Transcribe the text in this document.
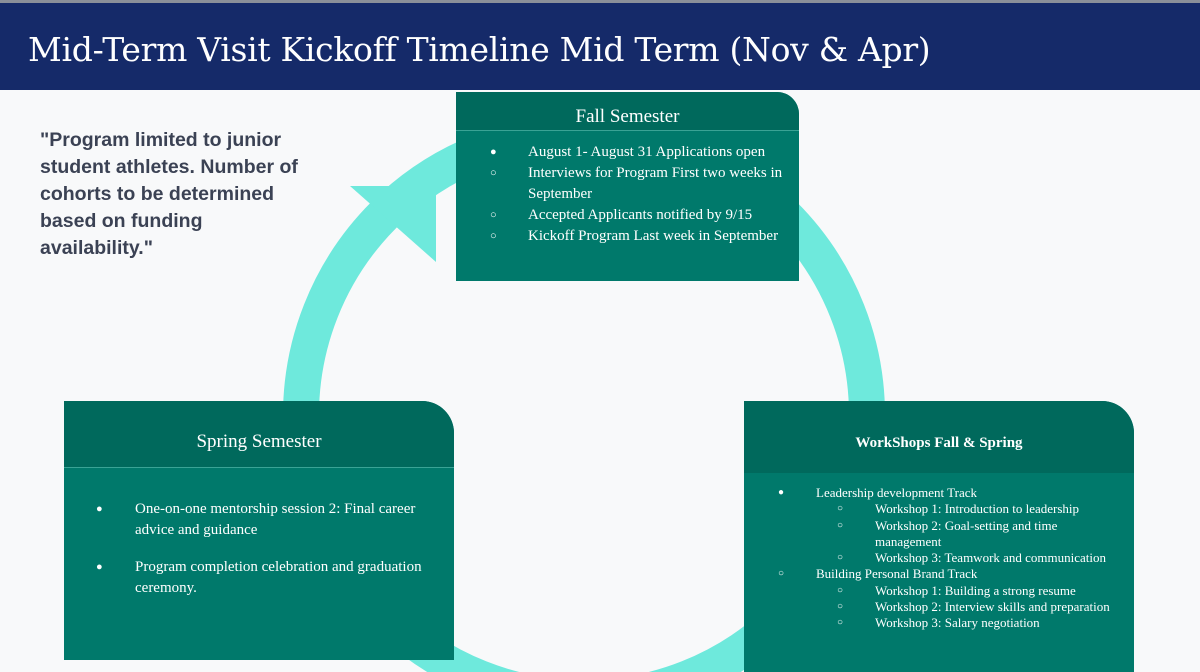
Mid-Term Visit Kickoff Timeline Mid Term (Nov & Apr)
"Program limited to junior student athletes. Number of cohorts to be determined based on funding availability."
Fall Semester
● August 1- August 31 Applications open
○ Interviews for Program First two weeks in September
○ Accepted Applicants notified by 9/15
○ Kickoff Program Last week in September
Spring Semester
● One-on-one mentorship session 2: Final career advice and guidance
● Program completion celebration and graduation ceremony.
WorkShops Fall & Spring
● Leadership development Track
○ Workshop 1: Introduction to leadership
○ Workshop 2: Goal-setting and time management
○ Workshop 3: Teamwork and communication
○ Building Personal Brand Track
○ Workshop 1: Building a strong resume
○ Workshop 2: Interview skills and preparation
○ Workshop 3: Salary negotiation
